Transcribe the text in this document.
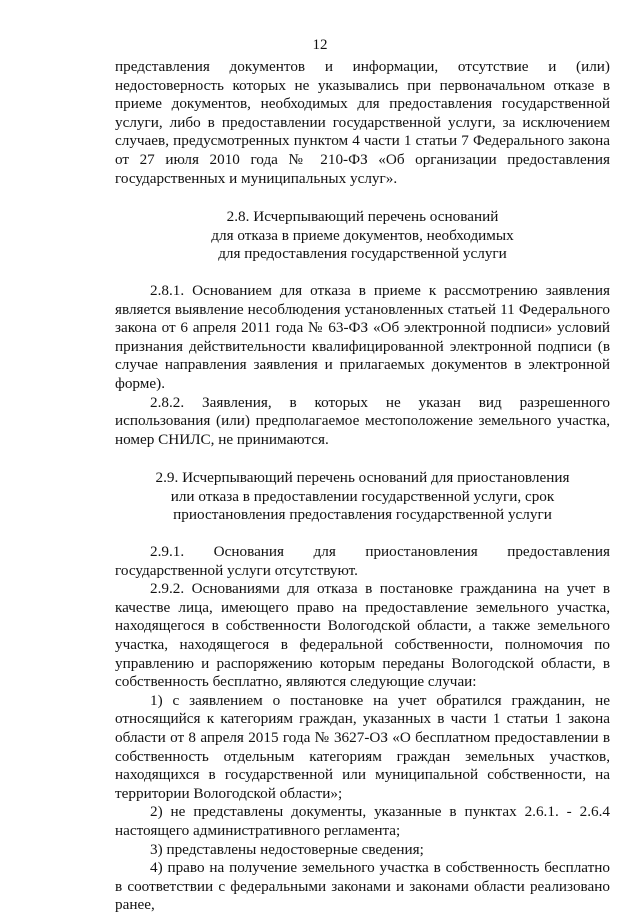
12

представления документов и информации, отсутствие и (или) недостоверность которых не указывались при первоначальном отказе в приеме документов, необходимых для предоставления государственной услуги, либо в предоставлении государственной услуги, за исключением случаев, предусмотренных пунктом 4 части 1 статьи 7 Федерального закона от 27 июля 2010 года № 210-ФЗ «Об организации предоставления государственных и муниципальных услуг».

2.8. Исчерпывающий перечень оснований

для отказа в приеме документов, необходимых

для предоставления государственной услуги

2.8.1. Основанием для отказа в приеме к рассмотрению заявления является выявление несоблюдения установленных статьей 11 Федерального закона от 6 апреля 2011 года № 63-ФЗ «Об электронной подписи» условий признания действительности квалифицированной электронной подписи (в случае направления заявления и прилагаемых документов в электронной форме).

2.8.2. Заявления, в которых не указан вид разрешенного использования (или) предполагаемое местоположение земельного участка, номер СНИЛС, не принимаются.

2.9. Исчерпывающий перечень оснований для приостановления

или отказа в предоставлении государственной услуги, срок

приостановления предоставления государственной услуги

2.9.1. Основания для приостановления предоставления государственной услуги отсутствуют.

2.9.2. Основаниями для отказа в постановке гражданина на учет в качестве лица, имеющего право на предоставление земельного участка, находящегося в собственности Вологодской области, а также земельного участка, находящегося в федеральной собственности, полномочия по управлению и распоряжению которым переданы Вологодской области, в собственность бесплатно, являются следующие случаи:

1) с заявлением о постановке на учет обратился гражданин, не относящийся к категориям граждан, указанных в части 1 статьи 1 закона области от 8 апреля 2015 года № 3627-ОЗ «О бесплатном предоставлении в собственность отдельным категориям граждан земельных участков, находящихся в государственной или муниципальной собственности, на территории Вологодской области»;

2) не представлены документы, указанные в пунктах 2.6.1. - 2.6.4 настоящего административного регламента;

3) представлены недостоверные сведения;

4) право на получение земельного участка в собственность бесплатно в соответствии с федеральными законами и законами области реализовано ранее,
